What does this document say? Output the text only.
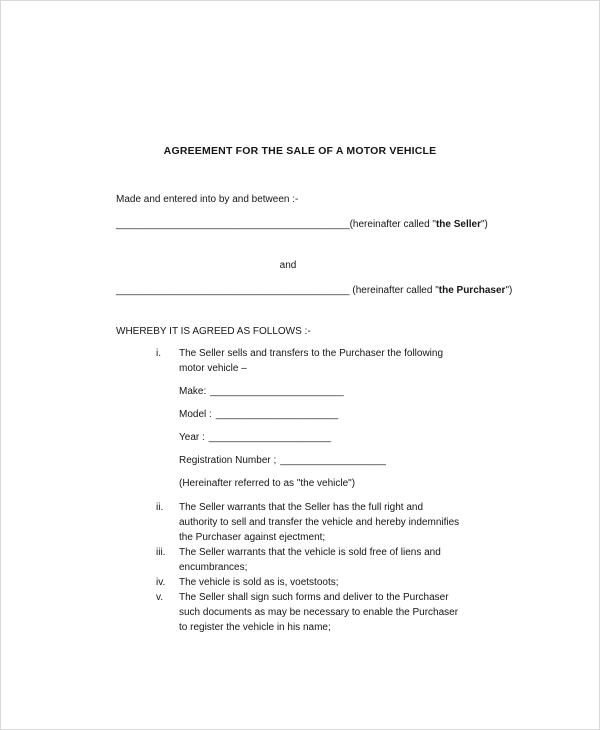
AGREEMENT FOR THE SALE OF A MOTOR VEHICLE

Made and entered into by and between :-

__________________________________________(hereinafter called "the Seller")

and

__________________________________________ (hereinafter called "the Purchaser")

WHEREBY IT IS AGREED AS FOLLOWS :-

i.	The Seller sells and transfers to the Purchaser the following motor vehicle –

Make: ________________________

Model : ______________________

Year : ______________________

Registration Number ; ___________________

(Hereinafter referred to as "the vehicle")

ii.	The Seller warrants that the Seller has the full right and authority to sell and transfer the vehicle and hereby indemnifies the Purchaser against ejectment;

iii.	The Seller warrants that the vehicle is sold free of liens and encumbrances;

iv.	The vehicle is sold as is, voetstoots;

v.	The Seller shall sign such forms and deliver to the Purchaser such documents as may be necessary to enable the Purchaser to register the vehicle in his name;
